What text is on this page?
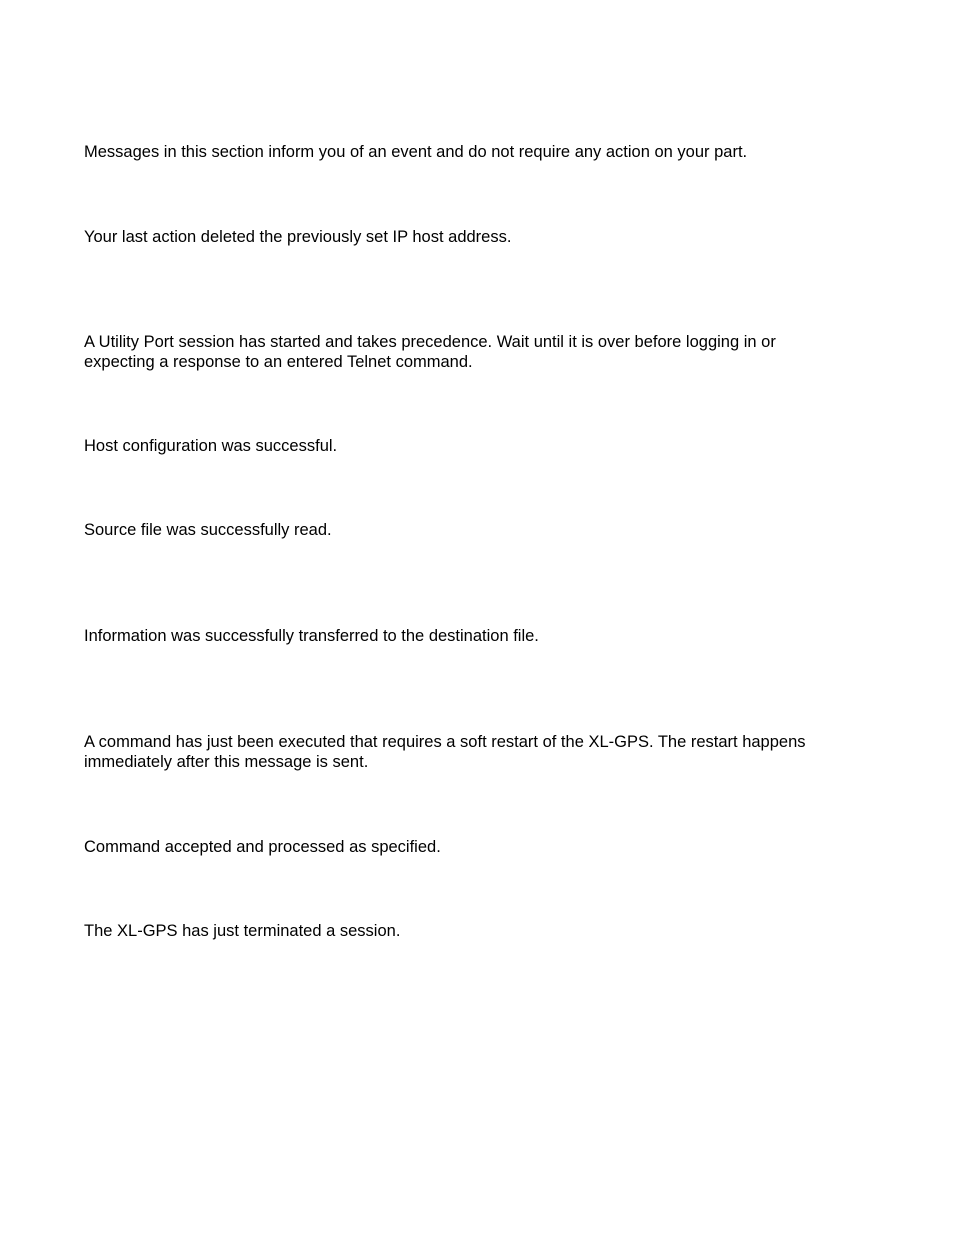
Messages in this section inform you of an event and do not require any action on your part.

Your last action deleted the previously set IP host address.

A Utility Port session has started and takes precedence. Wait until it is over before logging in or
expecting a response to an entered Telnet command.

Host configuration was successful.

Source file was successfully read.

Information was successfully transferred to the destination file.

A command has just been executed that requires a soft restart of the XL-GPS. The restart happens
immediately after this message is sent.

Command accepted and processed as specified.

The XL-GPS has just terminated a session.
